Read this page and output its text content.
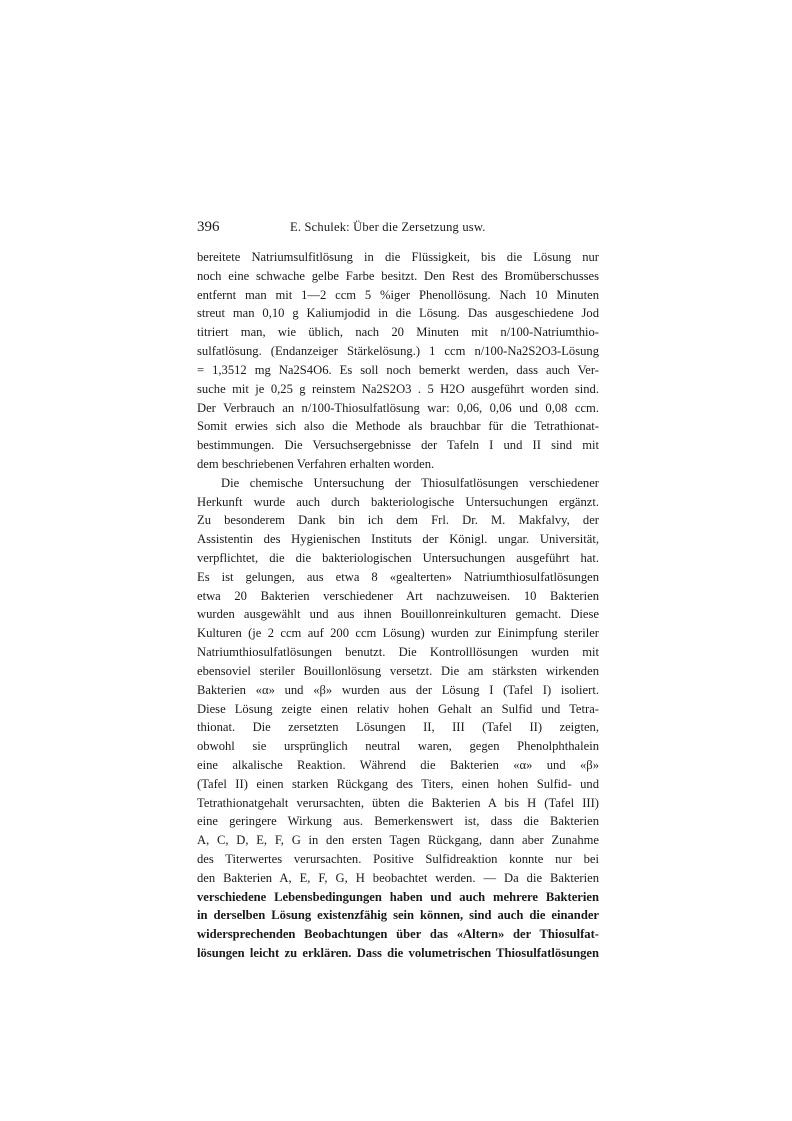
396	E. Schulek: Über die Zersetzung usw.
bereitete Natriumsulfitlösung in die Flüssigkeit, bis die Lösung nur
noch eine schwache gelbe Farbe besitzt. Den Rest des Bromüberschusses
entfernt man mit 1—2 ccm 5 %iger Phenollösung. Nach 10 Minuten
streut man 0,10 g Kaliumjodid in die Lösung. Das ausgeschiedene Jod
titriert man, wie üblich, nach 20 Minuten mit n/100-Natriumthio-
sulfatlösung. (Endanzeiger Stärkelösung.) 1 ccm n/100-Na2S2O3-Lösung
= 1,3512 mg Na2S4O6. Es soll noch bemerkt werden, dass auch Ver-
suche mit je 0,25 g reinstem Na2S2O3 . 5 H2O ausgeführt worden sind.
Der Verbrauch an n/100-Thiosulfatlösung war: 0,06, 0,06 und 0,08 ccm.
Somit erwies sich also die Methode als brauchbar für die Tetrathionat-
bestimmungen. Die Versuchsergebnisse der Tafeln I und II sind mit
dem beschriebenen Verfahren erhalten worden.
Die chemische Untersuchung der Thiosulfatlösungen verschiedener
Herkunft wurde auch durch bakteriologische Untersuchungen ergänzt.
Zu besonderem Dank bin ich dem Frl. Dr. M. Makfalvy, der
Assistentin des Hygienischen Instituts der Königl. ungar. Universität,
verpflichtet, die die bakteriologischen Untersuchungen ausgeführt hat.
Es ist gelungen, aus etwa 8 «gealterten» Natriumthiosulfatlösungen
etwa 20 Bakterien verschiedener Art nachzuweisen. 10 Bakterien
wurden ausgewählt und aus ihnen Bouillonreinkulturen gemacht. Diese
Kulturen (je 2 ccm auf 200 ccm Lösung) wurden zur Einimpfung steriler
Natriumthiosulfatlösungen benutzt. Die Kontrolllösungen wurden mit
ebensoviel steriler Bouillonlösung versetzt. Die am stärksten wirkenden
Bakterien «α» und «β» wurden aus der Lösung I (Tafel I) isoliert.
Diese Lösung zeigte einen relativ hohen Gehalt an Sulfid und Tetra-
thionat. Die zersetzten Lösungen II, III (Tafel II) zeigten,
obwohl sie ursprünglich neutral waren, gegen Phenolphthalein
eine alkalische Reaktion. Während die Bakterien «α» und «β»
(Tafel II) einen starken Rückgang des Titers, einen hohen Sulfid- und
Tetrathionatgehalt verursachten, übten die Bakterien A bis H (Tafel III)
eine geringere Wirkung aus. Bemerkenswert ist, dass die Bakterien
A, C, D, E, F, G in den ersten Tagen Rückgang, dann aber Zunahme
des Titerwertes verursachten. Positive Sulfidreaktion konnte nur bei
den Bakterien A, E, F, G, H beobachtet werden. — Da die Bakterien
verschiedene Lebensbedingungen haben und auch mehrere Bakterien
in derselben Lösung existenzfähig sein können, sind auch die einander
widersprechenden Beobachtungen über das «Altern» der Thiosulfat-
lösungen leicht zu erklären. Dass die volumetrischen Thiosulfatlösungen
